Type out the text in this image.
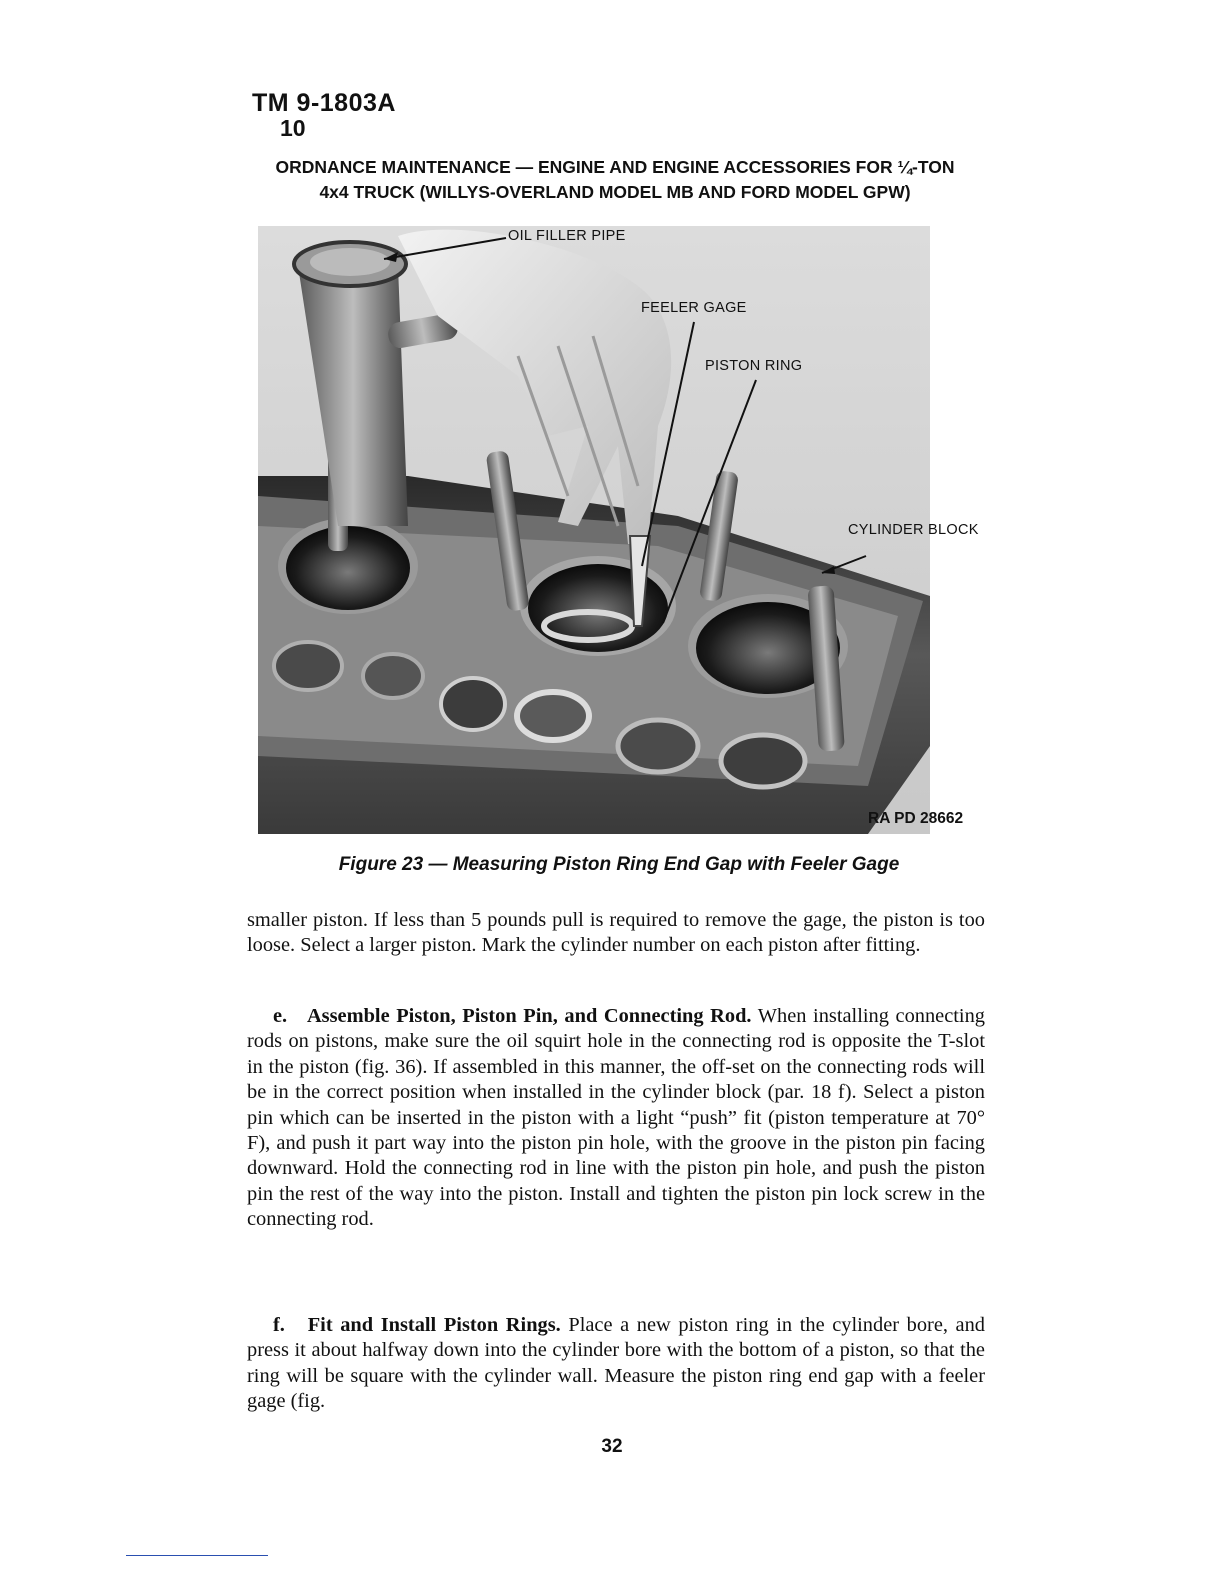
TM 9-1803A
10
ORDNANCE MAINTENANCE — ENGINE AND ENGINE ACCESSORIES FOR ¼-TON
4x4 TRUCK (WILLYS-OVERLAND MODEL MB AND FORD MODEL GPW)
OIL FILLER PIPE
FEELER GAGE
PISTON RING
CYLINDER BLOCK
RA PD 28662
Figure 23 — Measuring Piston Ring End Gap with Feeler Gage
smaller piston. If less than 5 pounds pull is required to remove the gage, the piston is too loose. Select a larger piston. Mark the cylinder number on each piston after fitting.
e. Assemble Piston, Piston Pin, and Connecting Rod. When installing connecting rods on pistons, make sure the oil squirt hole in the connecting rod is opposite the T-slot in the piston (fig. 36). If assembled in this manner, the off-set on the connecting rods will be in the correct position when installed in the cylinder block (par. 18 f). Select a piston pin which can be inserted in the piston with a light “push” fit (piston temperature at 70° F), and push it part way into the piston pin hole, with the groove in the piston pin facing downward. Hold the connecting rod in line with the piston pin hole, and push the piston pin the rest of the way into the piston. Install and tighten the piston pin lock screw in the connecting rod.
f. Fit and Install Piston Rings. Place a new piston ring in the cylinder bore, and press it about halfway down into the cylinder bore with the bottom of a piston, so that the ring will be square with the cylinder wall. Measure the piston ring end gap with a feeler gage (fig.
32
